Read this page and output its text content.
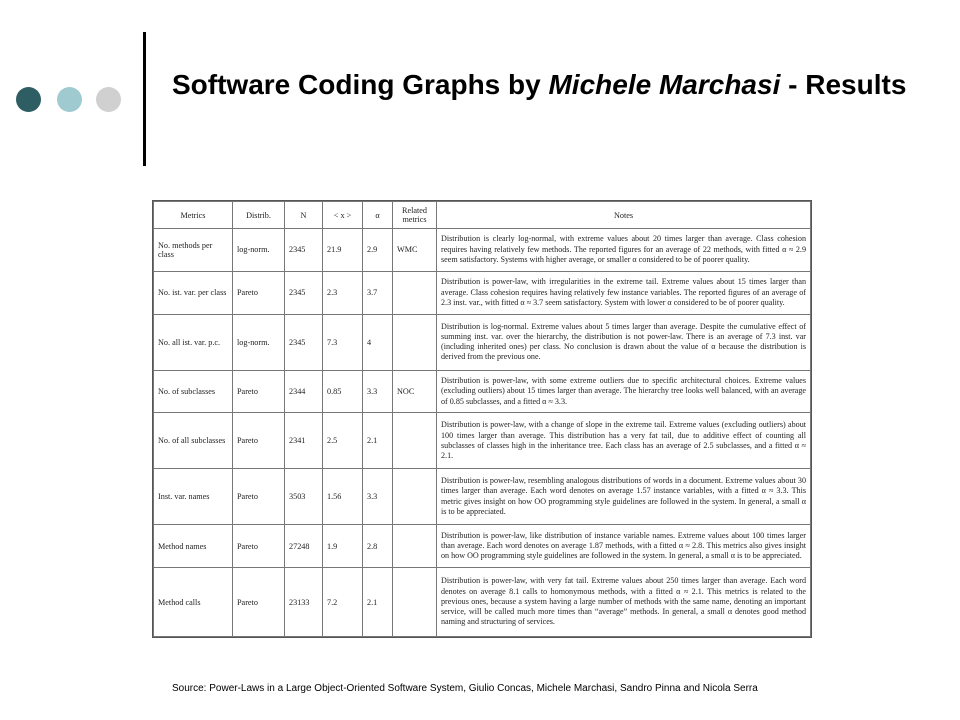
Software Coding Graphs by Michele Marchasi - Results
Metrics	Distrib.	N	< x >	α	Related metrics	Notes
No. methods per class	log-norm.	2345	21.9	2.9	WMC	Distribution is clearly log-normal, with extreme values about 20 times larger than average. Class cohesion requires having relatively few methods. The reported figures for an average of 22 methods, with fitted α ≈ 2.9 seem satisfactory. Systems with higher average, or smaller α considered to be of poorer quality.
No. ist. var. per class	Pareto	2345	2.3	3.7		Distribution is power-law, with irregularities in the extreme tail. Extreme values about 15 times larger than average. Class cohesion requires having relatively few instance variables. The reported figures of an average of 2.3 inst. var., with fitted α ≈ 3.7 seem satisfactory. System with lower α considered to be of poorer quality.
No. all ist. var. p.c.	log-norm.	2345	7.3	4		Distribution is log-normal. Extreme values about 5 times larger than average. Despite the cumulative effect of summing inst. var. over the hierarchy, the distribution is not power-law. There is an average of 7.3 inst. var (including inherited ones) per class. No conclusion is drawn about the value of α because the distribution is derived from the previous one.
No. of subclasses	Pareto	2344	0.85	3.3	NOC	Distribution is power-law, with some extreme outliers due to specific architectural choices. Extreme values (excluding outliers) about 15 times larger than average. The hierarchy tree looks well balanced, with an average of 0.85 subclasses, and a fitted α ≈ 3.3.
No. of all subclasses	Pareto	2341	2.5	2.1		Distribution is power-law, with a change of slope in the extreme tail. Extreme values (excluding outliers) about 100 times larger than average. This distribution has a very fat tail, due to additive effect of counting all subclasses of classes high in the inheritance tree. Each class has an average of 2.5 subclasses, and a fitted α ≈ 2.1.
Inst. var. names	Pareto	3503	1.56	3.3		Distribution is power-law, resembling analogous distributions of words in a document. Extreme values about 30 times larger than average. Each word denotes on average 1.57 instance variables, with a fitted α ≈ 3.3. This metric gives insight on how OO programming style guidelines are followed in the system. In general, a small α is to be appreciated.
Method names	Pareto	27248	1.9	2.8		Distribution is power-law, like distribution of instance variable names. Extreme values about 100 times larger than average. Each word denotes on average 1.87 methods, with a fitted α ≈ 2.8. This metrics also gives insight on how OO programming style guidelines are followed in the system. In general, a small α is to be appreciated.
Method calls	Pareto	23133	7.2	2.1		Distribution is power-law, with very fat tail. Extreme values about 250 times larger than average. Each word denotes on average 8.1 calls to homonymous methods, with a fitted α ≈ 2.1. This metrics is related to the previous ones, because a system having a large number of methods with the same name, denoting an important service, will be called much more times than “average” methods. In general, a small α denotes good method naming and structuring of services.
Source: Power-Laws in a Large Object-Oriented Software System, Giulio Concas, Michele Marchasi, Sandro Pinna and Nicola Serra
